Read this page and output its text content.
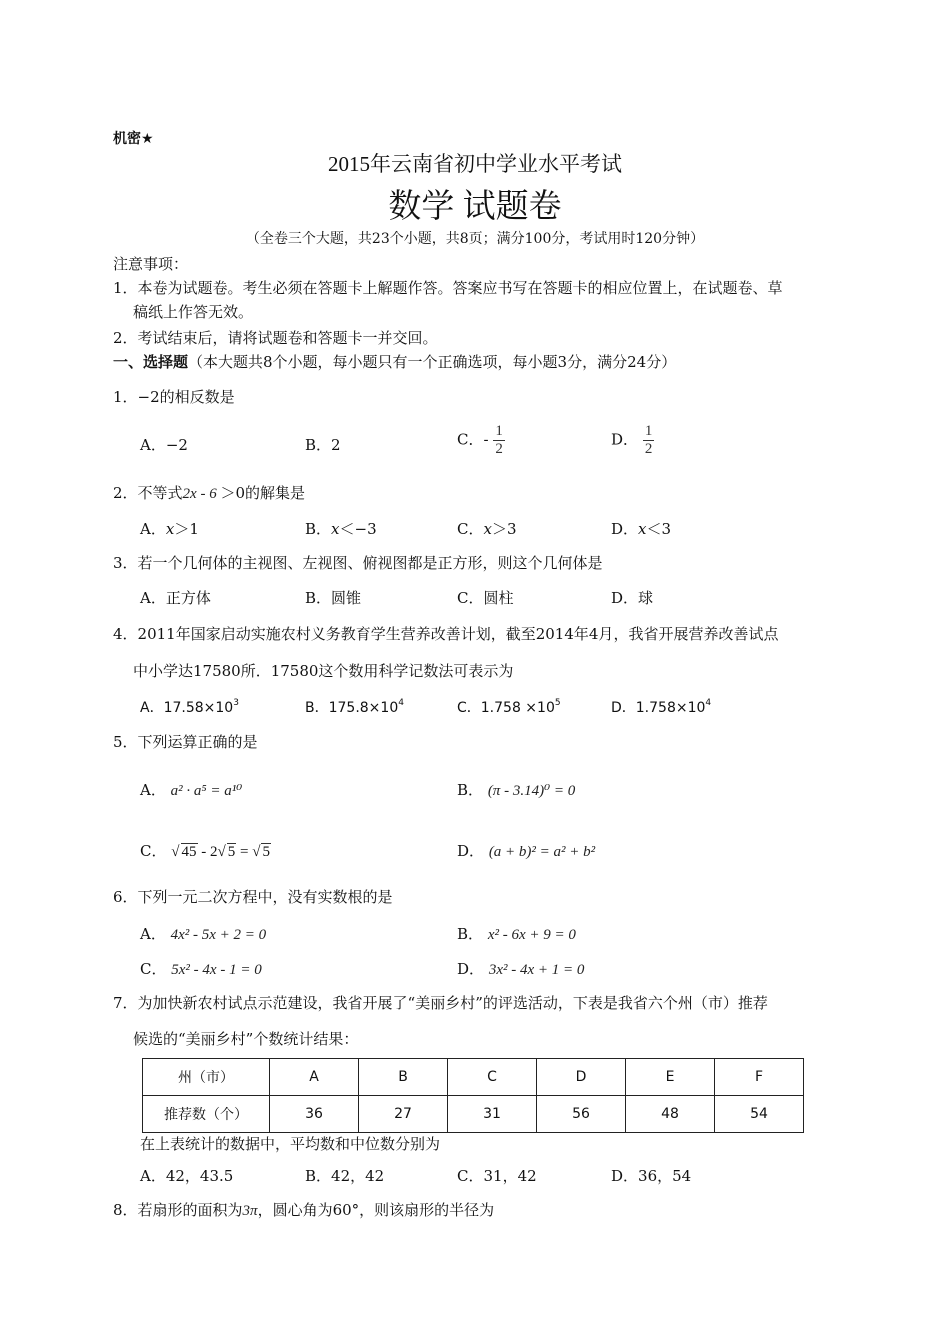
机密★
2015年云南省初中学业水平考试
数学 试题卷
（全卷三个大题，共23个小题，共8页；满分100分，考试用时120分钟）
注意事项：
1．本卷为试题卷。考生必须在答题卡上解题作答。答案应书写在答题卡的相应位置上，在试题卷、草
稿纸上作答无效。
2．考试结束后，请将试题卷和答题卡一并交回。
一、选择题（本大题共8个小题，每小题只有一个正确选项，每小题3分，满分24分）
1．−2的相反数是
A．−2	B．2	C．- $\frac{1}{2}$	D． $\frac{1}{2}$
2．不等式2x - 6 ＞0的解集是
A．x＞1	B．x＜−3	C．x＞3	D．x＜3
3．若一个几何体的主视图、左视图、俯视图都是正方形，则这个几何体是
A．正方体	B．圆锥	C．圆柱	D．球
4．2011年国家启动实施农村义务教育学生营养改善计划，截至2014年4月，我省开展营养改善试点
中小学达17580所．17580这个数用科学记数法可表示为
A．$17.58\times 10^3$	B．$175.8\times 10^4$	C．$1.758 \times 10^5$	D．$1.758\times 10^4$
5．下列运算正确的是
A． a² · a⁵ = a¹⁰	B． (π - 3.14)⁰ = 0
C． √ 45 - 2√ 5 = √ 5	D． (a + b)² = a² + b²
6．下列一元二次方程中，没有实数根的是
A． 4x² - 5x + 2 = 0	B． x² - 6x + 9 = 0
C． 5x² - 4x - 1 = 0	D． 3x² - 4x + 1 = 0
7．为加快新农村试点示范建设，我省开展了“美丽乡村”的评选活动，下表是我省六个州（市）推荐
候选的“美丽乡村”个数统计结果：
州（市）	A	B	C	D	E	F
推荐数（个）	36	27	31	56	48	54
在上表统计的数据中，平均数和中位数分别为
A．42，43.5	B．42，42	C．31，42	D．36，54
8．若扇形的面积为3π，圆心角为60°，则该扇形的半径为
